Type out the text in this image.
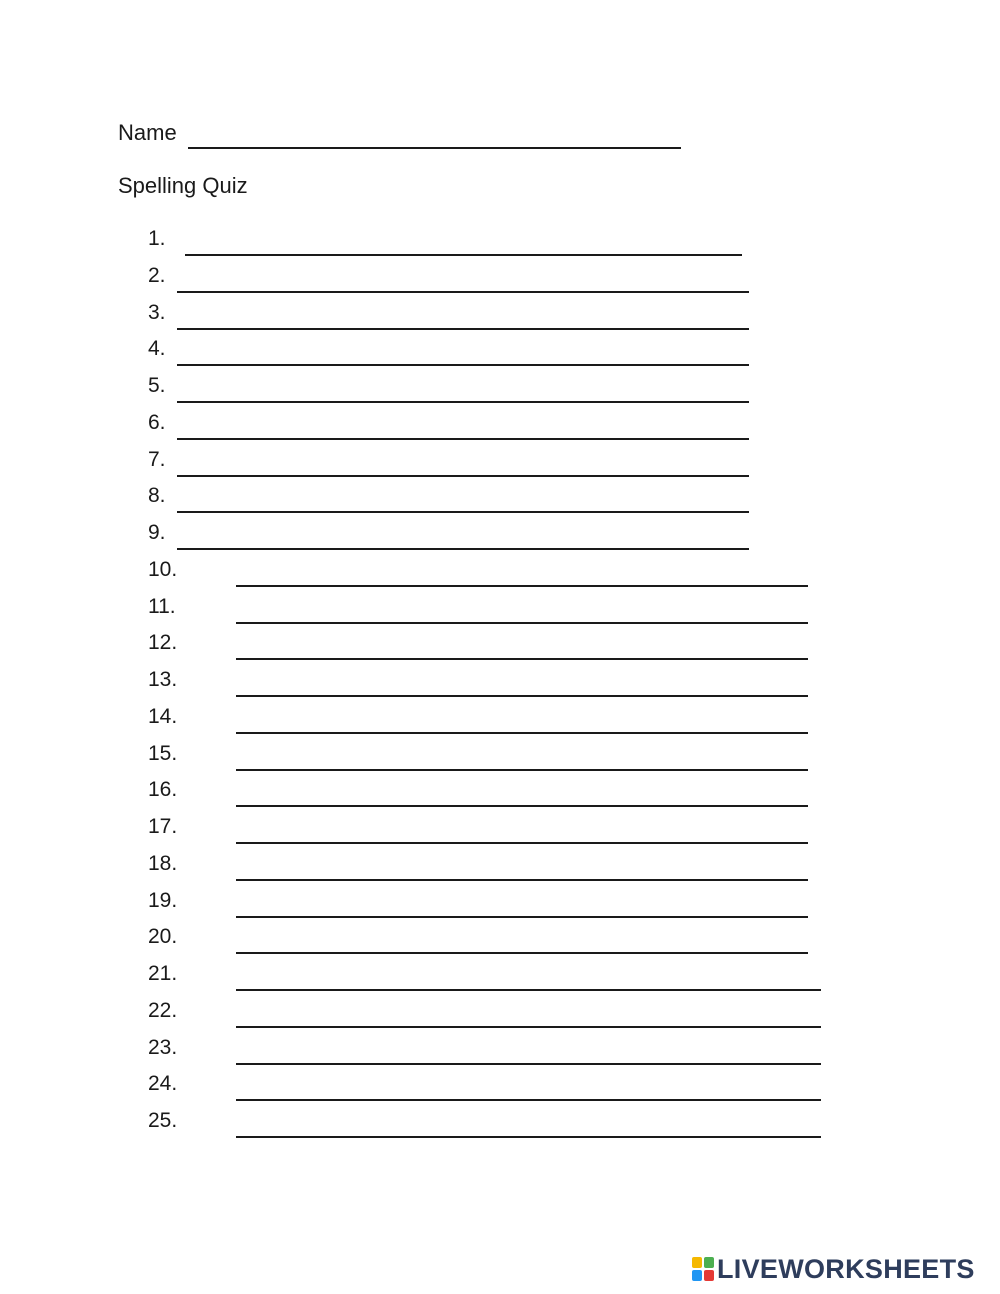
Name
Spelling Quiz
1.
2.
3.
4.
5.
6.
7.
8.
9.
10.
11.
12.
13.
14.
15.
16.
17.
18.
19.
20.
21.
22.
23.
24.
25.
LIVEWORKSHEETS
